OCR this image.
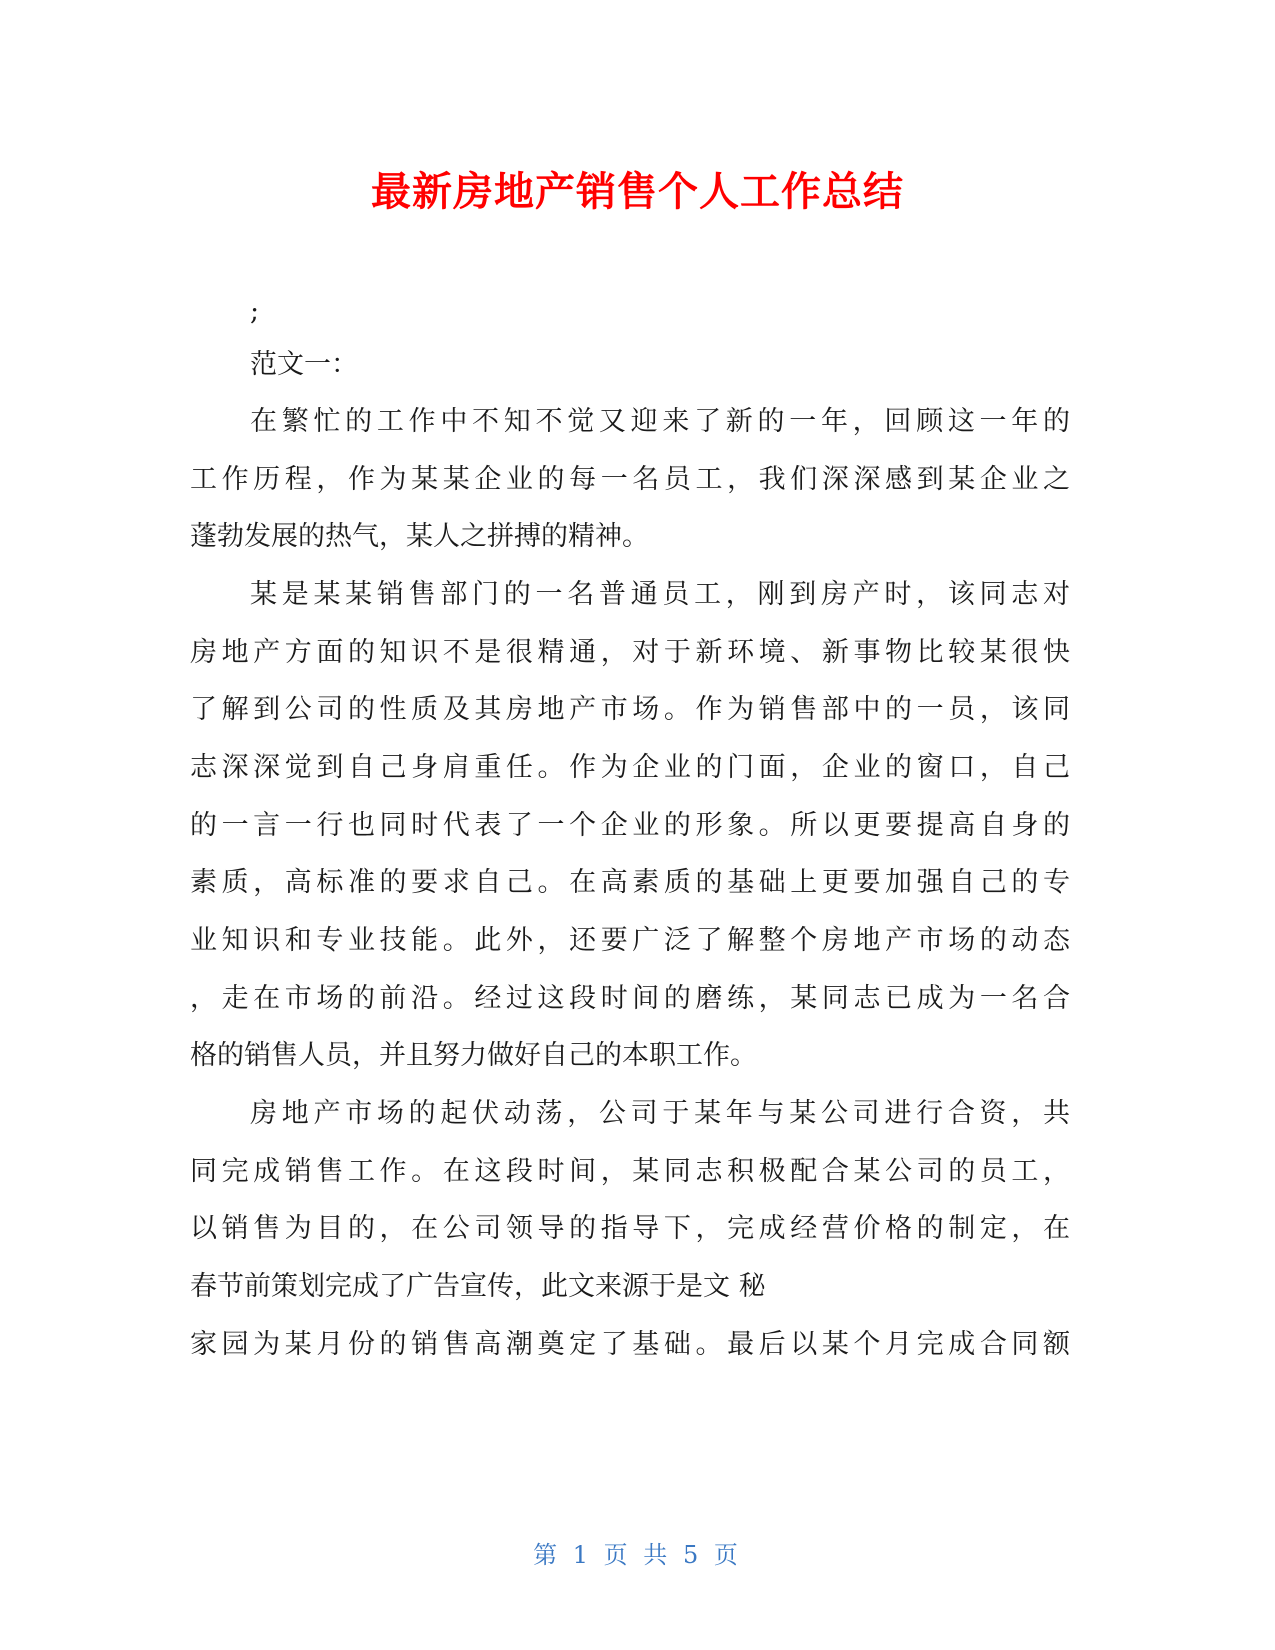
最新房地产销售个人工作总结
;
范文一：
在繁忙的工作中不知不觉又迎来了新的一年，回顾这一年的
工作历程，作为某某企业的每一名员工，我们深深感到某企业之
蓬勃发展的热气，某人之拼搏的精神。
某是某某销售部门的一名普通员工，刚到房产时，该同志对
房地产方面的知识不是很精通，对于新环境、新事物比较某很快
了解到公司的性质及其房地产市场。作为销售部中的一员，该同
志深深觉到自己身肩重任。作为企业的门面，企业的窗口，自己
的一言一行也同时代表了一个企业的形象。所以更要提高自身的
素质，高标准的要求自己。在高素质的基础上更要加强自己的专
业知识和专业技能。此外，还要广泛了解整个房地产市场的动态
，走在市场的前沿。经过这段时间的磨练，某同志已成为一名合
格的销售人员，并且努力做好自己的本职工作。
房地产市场的起伏动荡，公司于某年与某公司进行合资，共
同完成销售工作。在这段时间，某同志积极配合某公司的员工，
以销售为目的，在公司领导的指导下，完成经营价格的制定，在
春节前策划完成了广告宣传，此文来源于是文 秘
家园为某月份的销售高潮奠定了基础。最后以某个月完成合同额
第 1 页 共 5 页
